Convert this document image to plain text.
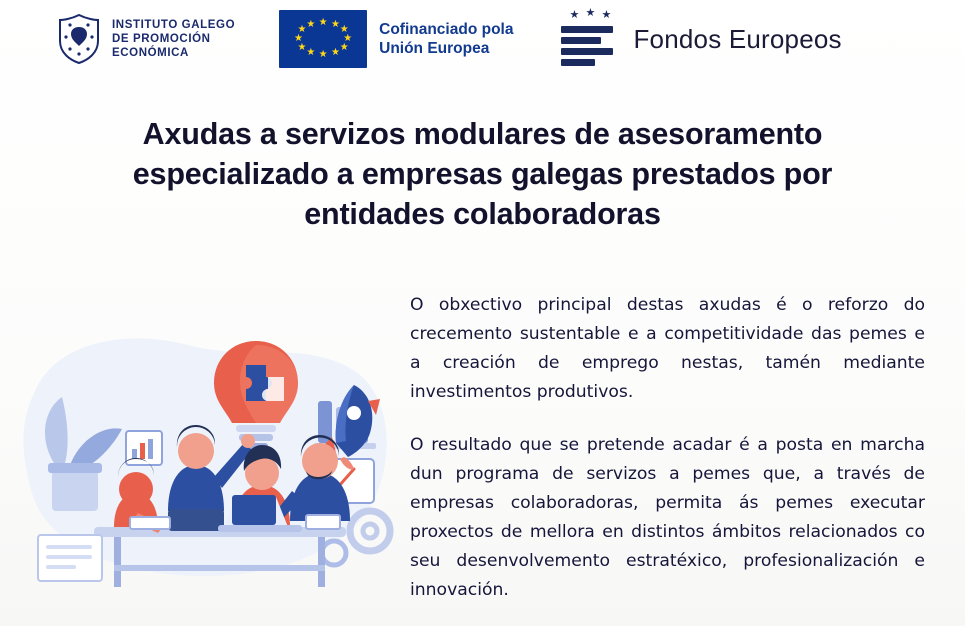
INSTITUTO GALEGO
DE PROMOCIÓN
ECONÓMICA
★ ★
★
★
★
★
★
★
★
★
★
★	Cofinanciado pola
Unión Europea
★ ★ ★
Fondos Europeos
Axudas a servizos modulares de asesoramento
especializado a empresas galegas prestados por
entidades colaboradoras

O obxectivo principal destas axudas é o reforzo do crecemento sustentable e a competitividade das pemes e a creación de emprego nestas, tamén mediante investimentos produtivos.

O resultado que se pretende acadar é a posta en marcha dun programa de servizos a pemes que, a través de empresas colaboradoras, permita ás pemes executar proxectos de mellora en distintos ámbitos relacionados co seu desenvolvemento estratéxico, profesionalización e innovación.
